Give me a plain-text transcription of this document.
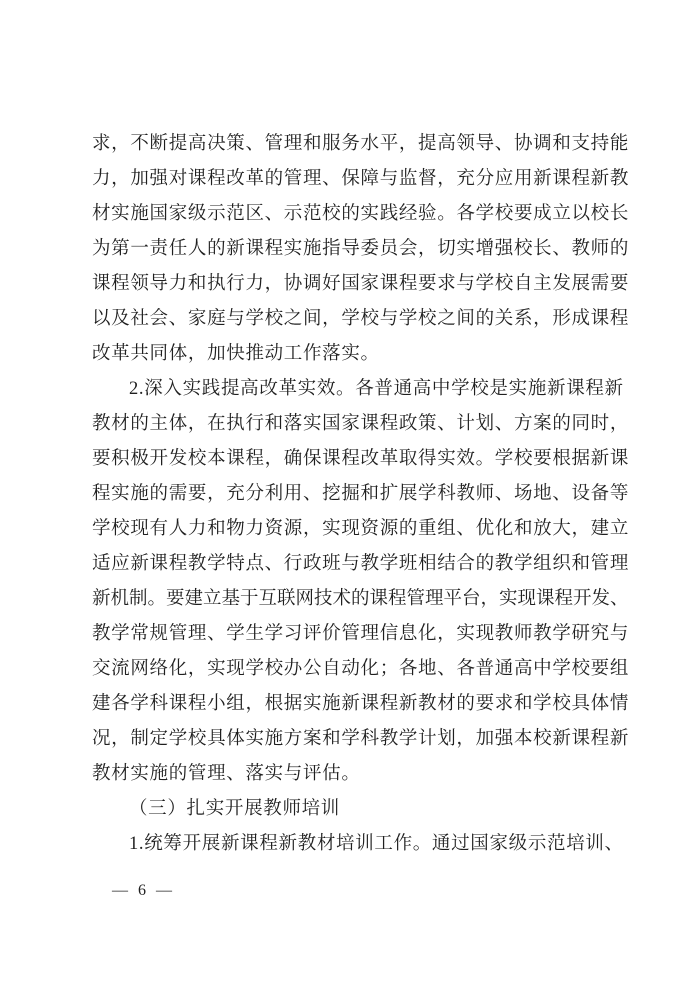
求，不断提高决策、管理和服务水平，提高领导、协调和支持能
力，加强对课程改革的管理、保障与监督，充分应用新课程新教
材实施国家级示范区、示范校的实践经验。各学校要成立以校长
为第一责任人的新课程实施指导委员会，切实增强校长、教师的
课程领导力和执行力，协调好国家课程要求与学校自主发展需要
以及社会、家庭与学校之间，学校与学校之间的关系，形成课程
改革共同体，加快推动工作落实。
2.深入实践提高改革实效。各普通高中学校是实施新课程新
教材的主体，在执行和落实国家课程政策、计划、方案的同时，
要积极开发校本课程，确保课程改革取得实效。学校要根据新课
程实施的需要，充分利用、挖掘和扩展学科教师、场地、设备等
学校现有人力和物力资源，实现资源的重组、优化和放大，建立
适应新课程教学特点、行政班与教学班相结合的教学组织和管理
新机制。要建立基于互联网技术的课程管理平台，实现课程开发、
教学常规管理、学生学习评价管理信息化，实现教师教学研究与
交流网络化，实现学校办公自动化；各地、各普通高中学校要组
建各学科课程小组，根据实施新课程新教材的要求和学校具体情
况，制定学校具体实施方案和学科教学计划，加强本校新课程新
教材实施的管理、落实与评估。
（三）扎实开展教师培训
1.统筹开展新课程新教材培训工作。通过国家级示范培训、
— 6 —
